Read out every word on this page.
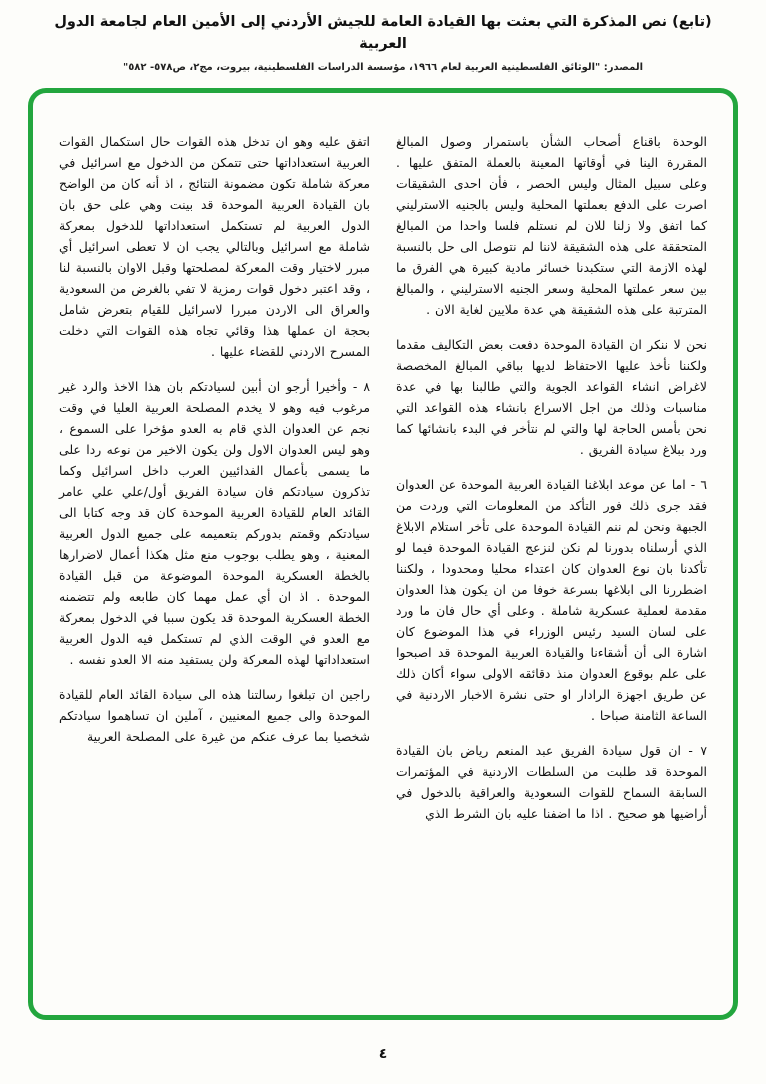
(تابع) نص المذكرة التي بعثت بها القيادة العامة للجيش الأردني إلى الأمين العام لجامعة الدول العربية
المصدر: "الوثائق الفلسطينية العربية لعام ١٩٦٦، مؤسسة الدراسات الفلسطينية، بيروت، مج٢، ص٥٧٨- ٥٨٢"

الوحدة باقناع أصحاب الشأن باستمرار وصول المبالغ المقررة الينا في أوقاتها المعينة بالعملة المتفق عليها . وعلى سبيل المثال وليس الحصر ، فأن احدى الشقيقات اصرت على الدفع بعملتها المحلية وليس بالجنيه الاسترليني كما اتفق ولا زلنا للان لم نستلم فلسا واحدا من المبالغ المتحققة على هذه الشقيقة لاننا لم نتوصل الى حل بالنسبة لهذه الازمة التي ستكبدنا خسائر مادية كبيرة هي الفرق ما بين سعر عملتها المحلية وسعر الجنيه الاسترليني ، والمبالغ المترتبة على هذه الشقيقة هي عدة ملايين لغاية الان .

نحن لا ننكر ان القيادة الموحدة دفعت بعض التكاليف مقدما ولكننا نأخذ عليها الاحتفاظ لديها بباقي المبالغ المخصصة لاغراض انشاء القواعد الجوية والتي طالبنا بها في عدة مناسبات وذلك من اجل الاسراع بانشاء هذه القواعد التي نحن بأمس الحاجة لها والتي لم نتأخر في البدء بانشائها كما ورد ببلاغ سيادة الفريق .

٦ - اما عن موعد ابلاغنا القيادة العربية الموحدة عن العدوان فقد جرى ذلك فور التأكد من المعلومات التي وردت من الجبهة ونحن لم ننم القيادة الموحدة على تأخر استلام الابلاغ الذي أرسلناه بدورنا لم نكن لنزعج القيادة الموحدة فيما لو تأكدنا بان نوع العدوان كان اعتداء محليا ومحدودا ، ولكننا اضطررنا الى ابلاغها بسرعة خوفا من ان يكون هذا العدوان مقدمة لعملية عسكرية شاملة . وعلى أي حال فان ما ورد على لسان السيد رئيس الوزراء في هذا الموضوع كان اشارة الى أن أشقاءنا والقيادة العربية الموحدة قد اصبحوا على علم بوقوع العدوان منذ دقائقه الاولى سواء أكان ذلك عن طريق اجهزة الرادار او حتى نشرة الاخبار الاردنية في الساعة الثامنة صباحا .

٧ - ان قول سيادة الفريق عبد المنعم رياض بان القيادة الموحدة قد طلبت من السلطات الاردنية في المؤتمرات السابقة السماح للقوات السعودية والعراقية بالدخول في أراضيها هو صحيح . اذا ما اضفنا عليه بان الشرط الذي

اتفق عليه وهو ان تدخل هذه القوات حال استكمال القوات العربية استعداداتها حتى تتمكن من الدخول مع اسرائيل في معركة شاملة تكون مضمونة النتائج ، اذ أنه كان من الواضح بان القيادة العربية الموحدة قد بينت وهي على حق بان الدول العربية لم تستكمل استعداداتها للدخول بمعركة شاملة مع اسرائيل وبالتالي يجب ان لا تعطى اسرائيل أي مبرر لاختيار وقت المعركة لمصلحتها وقبل الاوان بالنسبة لنا ، وقد اعتبر دخول قوات رمزية لا تفي بالغرض من السعودية والعراق الى الاردن مبررا لاسرائيل للقيام بتعرض شامل بحجة ان عملها هذا وقائي تجاه هذه القوات التي دخلت المسرح الاردني للقضاء عليها .

٨ - وأخيرا أرجو ان أبين لسيادتكم بان هذا الاخذ والرد غير مرغوب فيه وهو لا يخدم المصلحة العربية العليا في وقت نجم عن العدوان الذي قام به العدو مؤخرا على السموع ، وهو ليس العدوان الاول ولن يكون الاخير من نوعه ردا على ما يسمى بأعمال الفدائيين العرب داخل اسرائيل وكما تذكرون سيادتكم فان سيادة الفريق أول/علي علي عامر القائد العام للقيادة العربية الموحدة كان قد وجه كتابا الى سيادتكم وقمتم بدوركم بتعميمه على جميع الدول العربية المعنية ، وهو يطلب بوجوب منع مثل هكذا أعمال لاضرارها بالخطة العسكرية الموحدة الموضوعة من قبل القيادة الموحدة . اذ ان أي عمل مهما كان طابعه ولم تتضمنه الخطة العسكرية الموحدة قد يكون سببا في الدخول بمعركة مع العدو في الوقت الذي لم تستكمل فيه الدول العربية استعداداتها لهذه المعركة ولن يستفيد منه الا العدو نفسه .

راجين ان تبلغوا رسالتنا هذه الى سيادة القائد العام للقيادة الموحدة والى جميع المعنيين ، آملين ان تساهموا سيادتكم شخصيا بما عرف عنكم من غيرة على المصلحة العربية

٤
